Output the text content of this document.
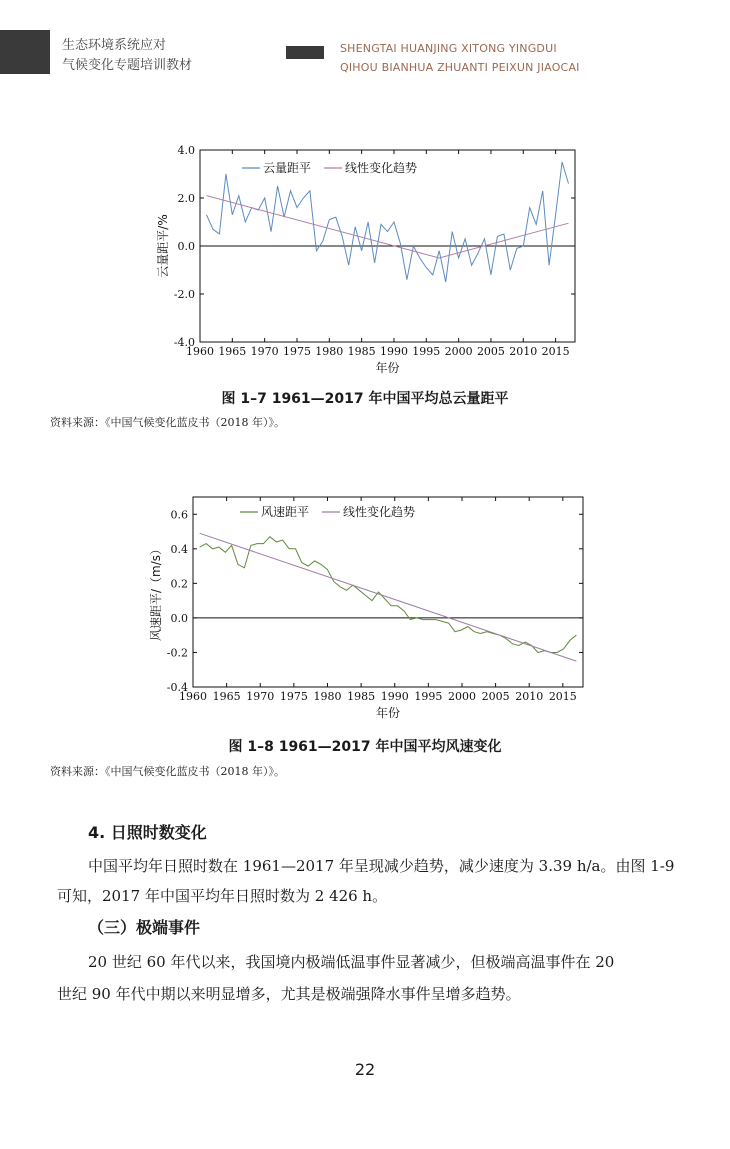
生态环境系统应对
气候变化专题培训教材
SHENGTAI HUANJING XITONG YINGDUI
QIHOU BIANHUA ZHUANTI PEIXUN JIAOCAI
1960 1965 1970 1975 1980 1985 1990 1995 2000 2005 2010 2015
-4.0
-2.0
0.0
2.0
4.0
云量距平	线性变化趋势
年份
云量距平/%
图 1–7 1961—2017 年中国平均总云量距平
资料来源：《中国气候变化蓝皮书（2018 年）》。
1960 1965 1970 1975 1980 1985 1990 1995 2000 2005 2010 2015
-0.4
-0.2
0.0
0.2
0.4
0.6	风速距平	线性变化趋势
年份
风速距平/（m/s）
图 1–8 1961—2017 年中国平均风速变化
资料来源：《中国气候变化蓝皮书（2018 年）》。
4. 日照时数变化
中国平均年日照时数在 1961—2017 年呈现减少趋势，减少速度为 3.39 h/a。由图 1-9
可知，2017 年中国平均年日照时数为 2 426 h。
（三）极端事件
20 世纪 60 年代以来，我国境内极端低温事件显著减少，但极端高温事件在 20
世纪 90 年代中期以来明显增多，尤其是极端强降水事件呈增多趋势。
22
